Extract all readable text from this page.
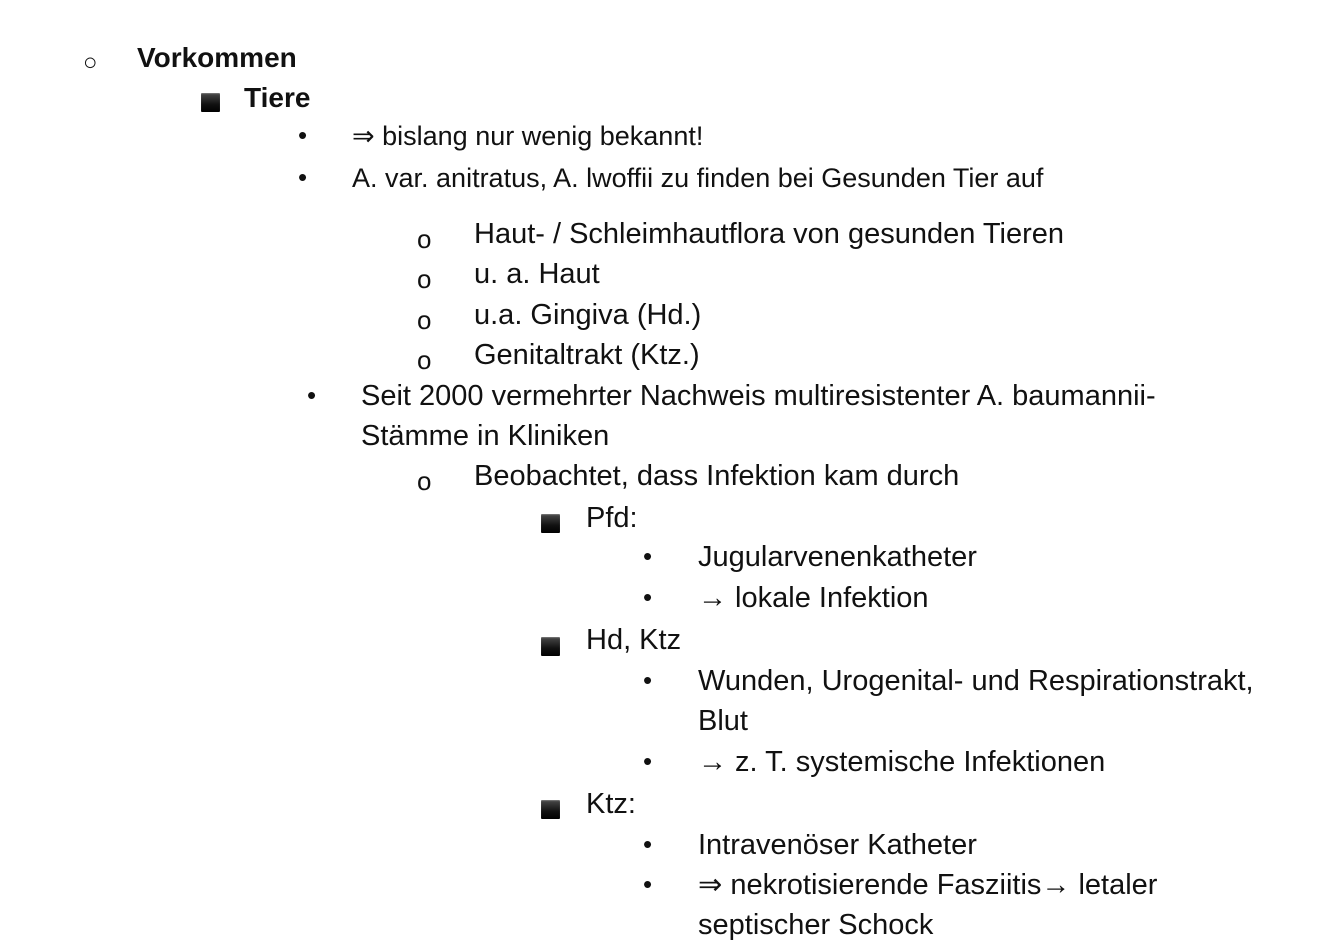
○ Vorkommen
Tiere
• ⇒ bislang nur wenig bekannt!
• A. var. anitratus, A. lwoffii zu finden bei Gesunden Tier auf
o Haut- / Schleimhautflora von gesunden Tieren
o u. a. Haut
o u.a. Gingiva (Hd.)
o Genitaltrakt (Ktz.)
• Seit 2000 vermehrter Nachweis multiresistenter A. baumannii-
Stämme in Kliniken
o Beobachtet, dass Infektion kam durch
Pfd:
• Jugularvenenkatheter
• → lokale Infektion
Hd, Ktz
• Wunden, Urogenital- und Respirationstrakt,
Blut
• → z. T. systemische Infektionen
Ktz:
• Intravenöser Katheter
• ⇒ nekrotisierende Fasziitis→ letaler
septischer Schock
